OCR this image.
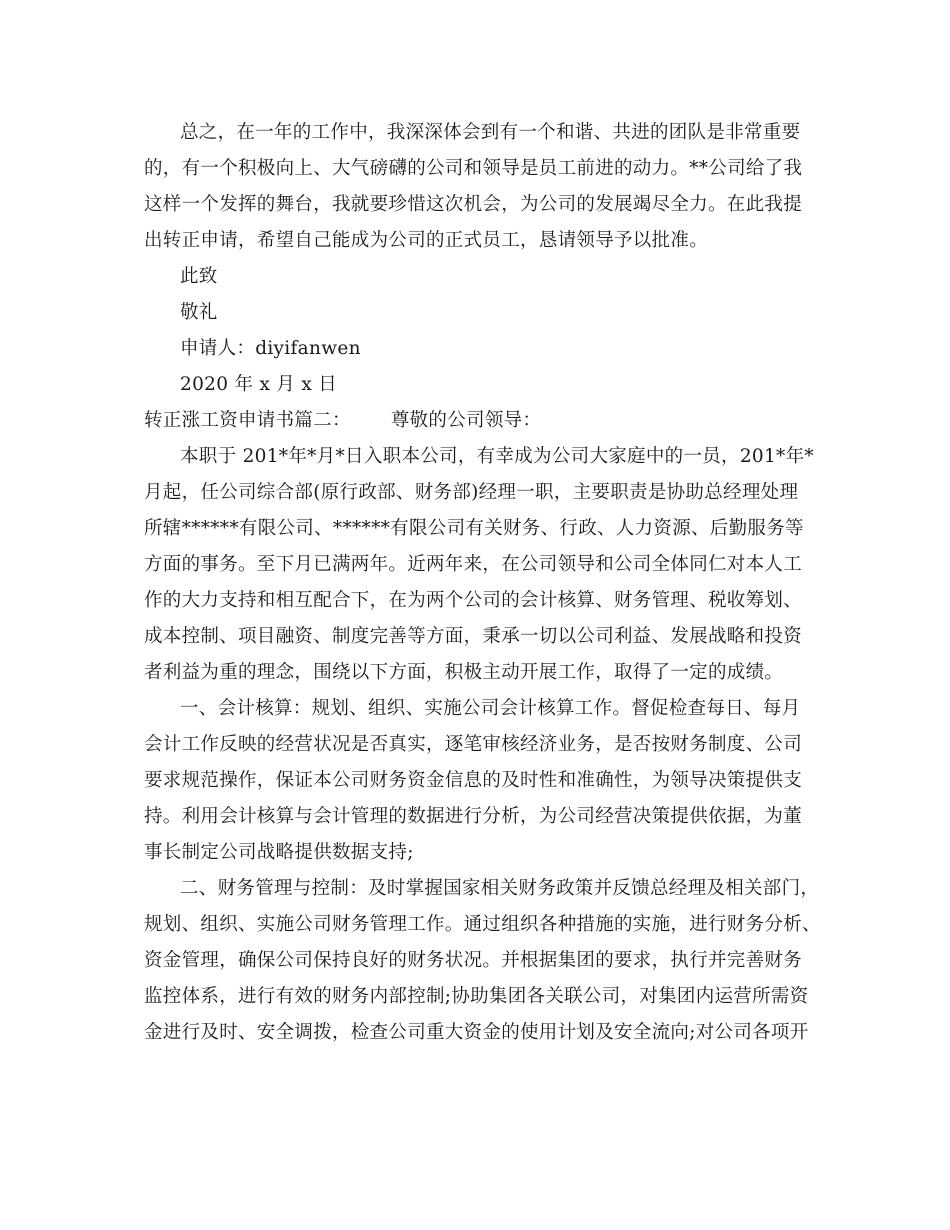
总之，在一年的工作中，我深深体会到有一个和谐、共进的团队是非常重要
的，有一个积极向上、大气磅礴的公司和领导是员工前进的动力。**公司给了我
这样一个发挥的舞台，我就要珍惜这次机会，为公司的发展竭尽全力。在此我提
出转正申请，希望自己能成为公司的正式员工，恳请领导予以批准。
此致
敬礼
申请人：diyifanwen
2020 年 x 月 x 日
转正涨工资申请书篇二： 尊敬的公司领导：
本职于 201*年*月*日入职本公司，有幸成为公司大家庭中的一员，201*年*
月起，任公司综合部(原行政部、财务部)经理一职，主要职责是协助总经理处理
所辖******有限公司、******有限公司有关财务、行政、人力资源、后勤服务等
方面的事务。至下月已满两年。近两年来，在公司领导和公司全体同仁对本人工
作的大力支持和相互配合下，在为两个公司的会计核算、财务管理、税收筹划、
成本控制、项目融资、制度完善等方面，秉承一切以公司利益、发展战略和投资
者利益为重的理念，围绕以下方面，积极主动开展工作，取得了一定的成绩。
一、会计核算：规划、组织、实施公司会计核算工作。督促检查每日、每月
会计工作反映的经营状况是否真实，逐笔审核经济业务，是否按财务制度、公司
要求规范操作，保证本公司财务资金信息的及时性和准确性，为领导决策提供支
持。利用会计核算与会计管理的数据进行分析，为公司经营决策提供依据，为董
事长制定公司战略提供数据支持;
二、财务管理与控制：及时掌握国家相关财务政策并反馈总经理及相关部门，
规划、组织、实施公司财务管理工作。通过组织各种措施的实施，进行财务分析、
资金管理，确保公司保持良好的财务状况。并根据集团的要求，执行并完善财务
监控体系，进行有效的财务内部控制;协助集团各关联公司，对集团内运营所需资
金进行及时、安全调拨，检查公司重大资金的使用计划及安全流向;对公司各项开
